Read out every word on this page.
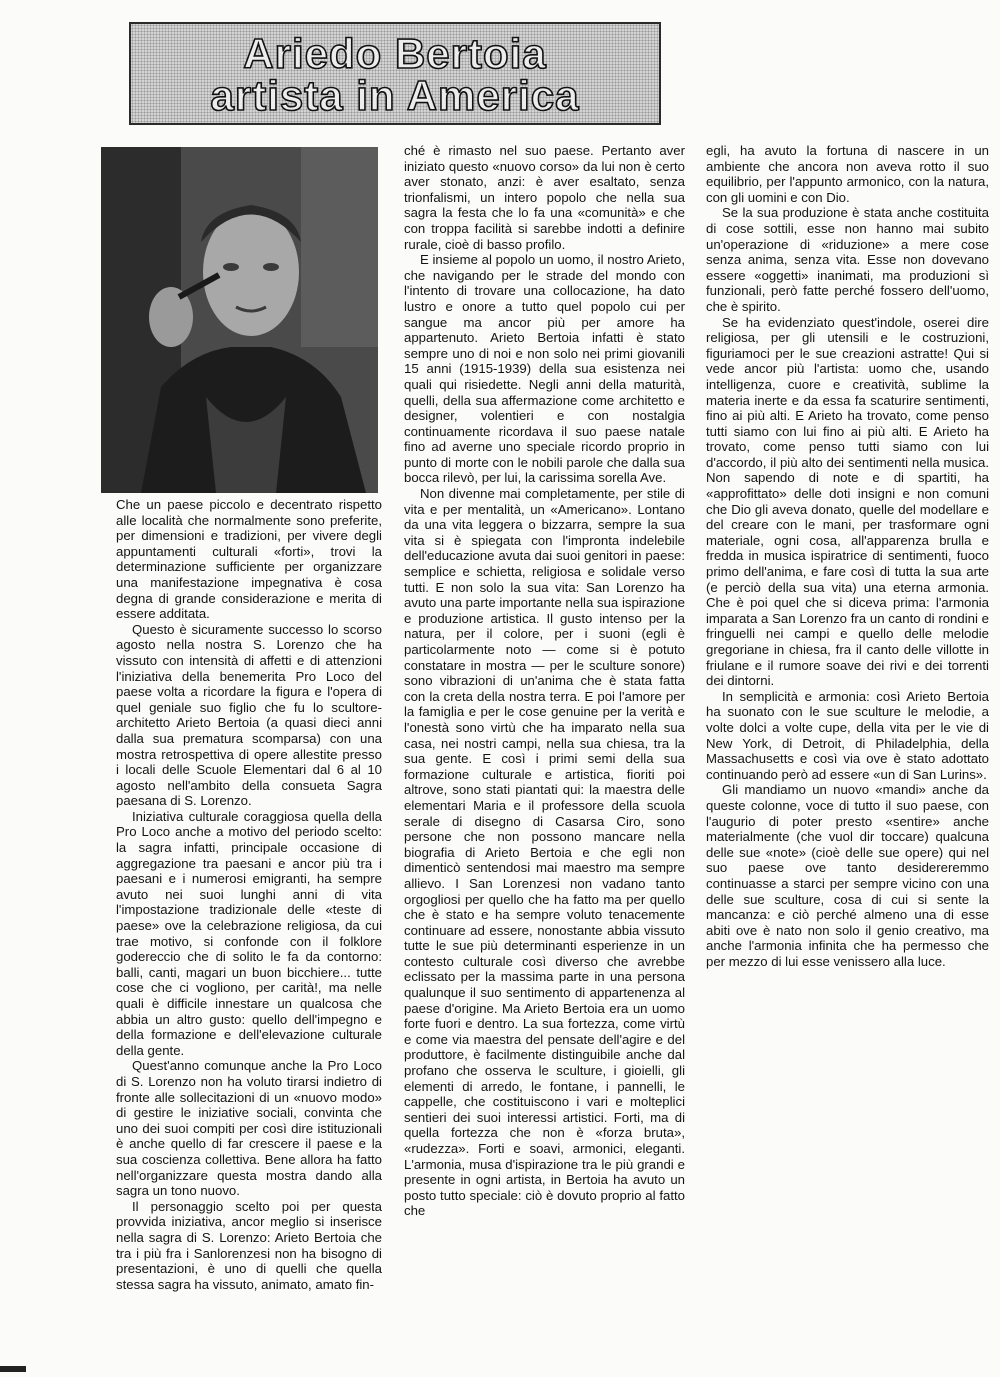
Ariedo Bertoia
artista in America

Che un paese piccolo e decentrato rispetto alle località che normalmente sono preferite, per dimensioni e tradizioni, per vivere degli appuntamenti culturali «forti», trovi la determinazione sufficiente per organizzare una manifestazione impegnativa è cosa degna di grande considerazione e merita di essere additata.

Questo è sicuramente successo lo scorso agosto nella nostra S. Lorenzo che ha vissuto con intensità di affetti e di attenzioni l'iniziativa della benemerita Pro Loco del paese volta a ricordare la figura e l'opera di quel geniale suo figlio che fu lo scultore- architetto Arieto Bertoia (a quasi dieci anni dalla sua prematura scomparsa) con una mostra retrospettiva di opere allestite presso i locali delle Scuole Elementari dal 6 al 10 agosto nell'ambito della consueta Sagra paesana di S. Lorenzo.

Iniziativa culturale coraggiosa quella della Pro Loco anche a motivo del periodo scelto: la sagra infatti, principale occasione di aggregazione tra paesani e ancor più tra i paesani e i numerosi emigranti, ha sempre avuto nei suoi lunghi anni di vita l'impostazione tradizionale delle «teste di paese» ove la celebrazione religiosa, da cui trae motivo, si confonde con il folklore godereccio che di solito le fa da contorno: balli, canti, magari un buon bicchiere... tutte cose che ci vogliono, per carità!, ma nelle quali è difficile innestare un qualcosa che abbia un altro gusto: quello dell'impegno e della formazione e dell'elevazione culturale della gente.

Quest'anno comunque anche la Pro Loco di S. Lorenzo non ha voluto tirarsi indietro di fronte alle sollecitazioni di un «nuovo modo» di gestire le iniziative sociali, convinta che uno dei suoi compiti per così dire istituzionali è anche quello di far crescere il paese e la sua coscienza collettiva. Bene allora ha fatto nell'organizzare questa mostra dando alla sagra un tono nuovo.

Il personaggio scelto poi per questa provvida iniziativa, ancor meglio si inserisce nella sagra di S. Lorenzo: Arieto Bertoia che tra i più fra i Sanlorenzesi non ha bisogno di presentazioni, è uno di quelli che quella stessa sagra ha vissuto, animato, amato fin-

ché è rimasto nel suo paese. Pertanto aver iniziato questo «nuovo corso» da lui non è certo aver stonato, anzi: è aver esaltato, senza trionfalismi, un intero popolo che nella sua sagra la festa che lo fa una «comunità» e che con troppa facilità si sarebbe indotti a definire rurale, cioè di basso profilo.

E insieme al popolo un uomo, il nostro Arieto, che navigando per le strade del mondo con l'intento di trovare una collocazione, ha dato lustro e onore a tutto quel popolo cui per sangue ma ancor più per amore ha appartenuto. Arieto Bertoia infatti è stato sempre uno di noi e non solo nei primi giovanili 15 anni (1915-1939) della sua esistenza nei quali qui risiedette. Negli anni della maturità, quelli, della sua affermazione come architetto e designer, volentieri e con nostalgia continuamente ricordava il suo paese natale fino ad averne uno speciale ricordo proprio in punto di morte con le nobili parole che dalla sua bocca rilevò, per lui, la carissima sorella Ave.

Non divenne mai completamente, per stile di vita e per mentalità, un «Americano». Lontano da una vita leggera o bizzarra, sempre la sua vita si è spiegata con l'impronta indelebile dell'educazione avuta dai suoi genitori in paese: semplice e schietta, religiosa e solidale verso tutti. E non solo la sua vita: San Lorenzo ha avuto una parte importante nella sua ispirazione e produzione artistica. Il gusto intenso per la natura, per il colore, per i suoni (egli è particolarmente noto — come si è potuto constatare in mostra — per le sculture sonore) sono vibrazioni di un'anima che è stata fatta con la creta della nostra terra. E poi l'amore per la famiglia e per le cose genuine per la verità e l'onestà sono virtù che ha imparato nella sua casa, nei nostri campi, nella sua chiesa, tra la sua gente. E così i primi semi della sua formazione culturale e artistica, fioriti poi altrove, sono stati piantati qui: la maestra delle elementari Maria e il professore della scuola serale di disegno di Casarsa Ciro, sono persone che non possono mancare nella biografia di Arieto Bertoia e che egli non dimenticò sentendosi mai maestro ma sempre allievo. I San Lorenzesi non vadano tanto orgogliosi per quello che ha fatto ma per quello che è stato e ha sempre voluto tenacemente continuare ad essere, nonostante abbia vissuto tutte le sue più determinanti esperienze in un contesto culturale così diverso che avrebbe eclissato per la massima parte in una persona qualunque il suo sentimento di appartenenza al paese d'origine. Ma Arieto Bertoia era un uomo forte fuori e dentro. La sua fortezza, come virtù e come via maestra del pensate dell'agire e del produttore, è facilmente distinguibile anche dal profano che osserva le sculture, i gioielli, gli elementi di arredo, le fontane, i pannelli, le cappelle, che costituiscono i vari e molteplici sentieri dei suoi interessi artistici. Forti, ma di quella fortezza che non è «forza bruta», «rudezza». Forti e soavi, armonici, eleganti. L'armonia, musa d'ispirazione tra le più grandi e presente in ogni artista, in Bertoia ha avuto un posto tutto speciale: ciò è dovuto proprio al fatto che

egli, ha avuto la fortuna di nascere in un ambiente che ancora non aveva rotto il suo equilibrio, per l'appunto armonico, con la natura, con gli uomini e con Dio.

Se la sua produzione è stata anche costituita di cose sottili, esse non hanno mai subito un'operazione di «riduzione» a mere cose senza anima, senza vita. Esse non dovevano essere «oggetti» inanimati, ma produzioni sì funzionali, però fatte perché fossero dell'uomo, che è spirito.

Se ha evidenziato quest'indole, oserei dire religiosa, per gli utensili e le costruzioni, figuriamoci per le sue creazioni astratte! Qui si vede ancor più l'artista: uomo che, usando intelligenza, cuore e creatività, sublime la materia inerte e da essa fa scaturire sentimenti, fino ai più alti. E Arieto ha trovato, come penso tutti siamo con lui fino ai più alti. E Arieto ha trovato, come penso tutti siamo con lui d'accordo, il più alto dei sentimenti nella musica. Non sapendo di note e di spartiti, ha «approfittato» delle doti insigni e non comuni che Dio gli aveva donato, quelle del modellare e del creare con le mani, per trasformare ogni materiale, ogni cosa, all'apparenza brulla e fredda in musica ispiratrice di sentimenti, fuoco primo dell'anima, e fare così di tutta la sua arte (e perciò della sua vita) una eterna armonia. Che è poi quel che si diceva prima: l'armonia imparata a San Lorenzo fra un canto di rondini e fringuelli nei campi e quello delle melodie gregoriane in chiesa, fra il canto delle villotte in friulane e il rumore soave dei rivi e dei torrenti dei dintorni.

In semplicità e armonia: così Arieto Bertoia ha suonato con le sue sculture le melodie, a volte dolci a volte cupe, della vita per le vie di New York, di Detroit, di Philadelphia, della Massachusetts e così via ove è stato adottato continuando però ad essere «un di San Lurins».

Gli mandiamo un nuovo «mandi» anche da queste colonne, voce di tutto il suo paese, con l'augurio di poter presto «sentire» anche materialmente (che vuol dir toccare) qualcuna delle sue «note» (cioè delle sue opere) qui nel suo paese ove tanto desidereremmo continuasse a starci per sempre vicino con una delle sue sculture, cosa di cui si sente la mancanza: e ciò perché almeno una di esse abiti ove è nato non solo il genio creativo, ma anche l'armonia infinita che ha permesso che per mezzo di lui esse venissero alla luce.
